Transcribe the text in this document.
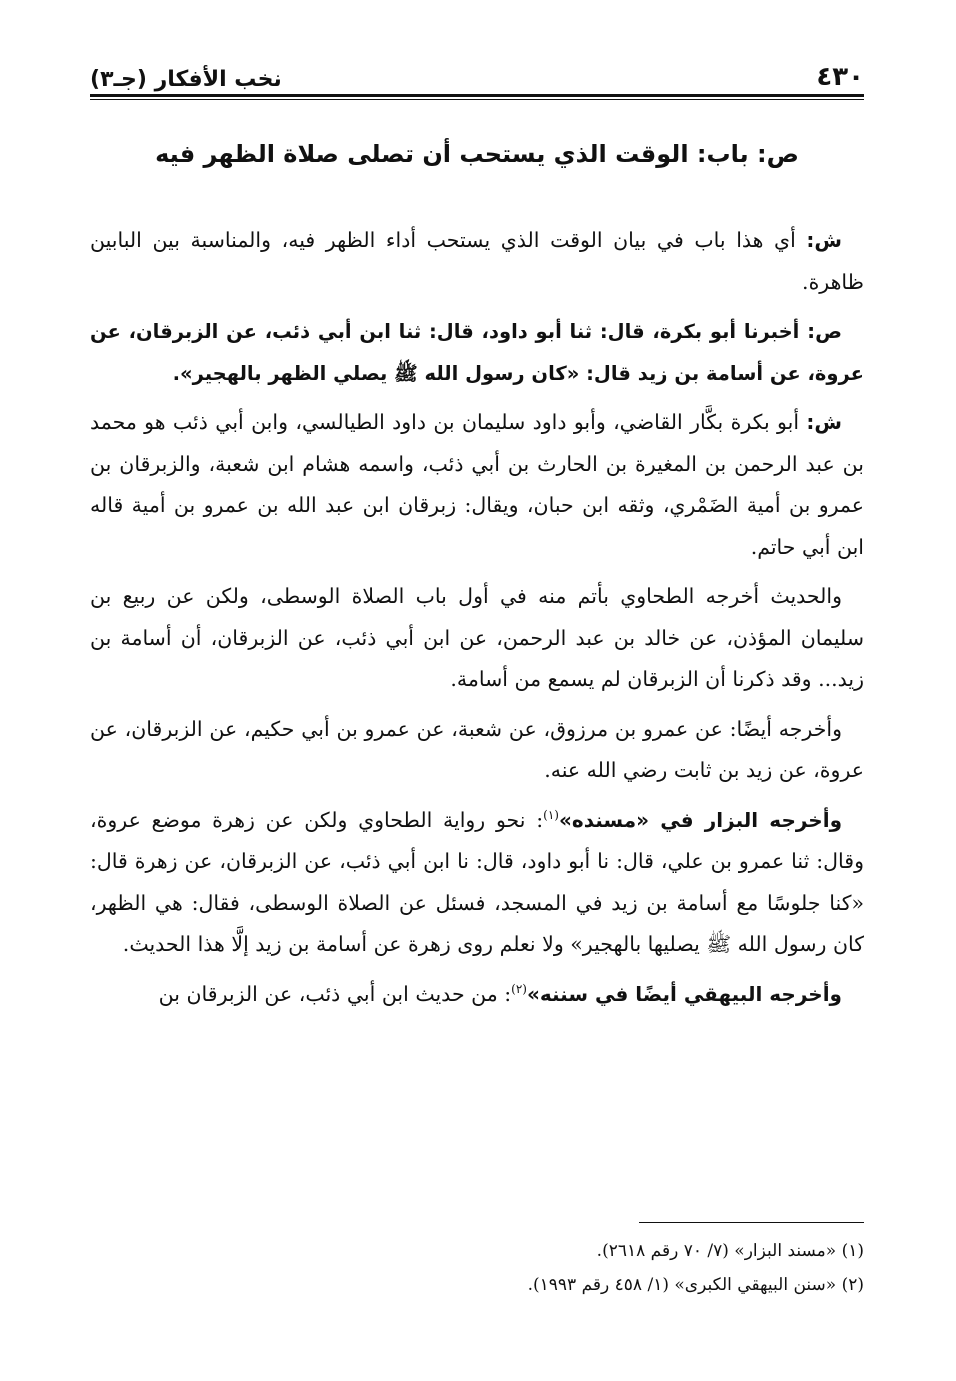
٤٣٠
نخب الأفكار (جـ٣)
ص: باب: الوقت الذي يستحب أن تصلى صلاة الظهر فيه

ش: أي هذا باب في بيان الوقت الذي يستحب أداء الظهر فيه، والمناسبة بين البابين ظاهرة.

ص: أخبرنا أبو بكرة، قال: ثنا أبو داود، قال: ثنا ابن أبي ذئب، عن الزبرقان، عن عروة، عن أسامة بن زيد قال: «كان رسول الله ﷺ يصلي الظهر بالهجير».

ش: أبو بكرة بكَّار القاضي، وأبو داود سليمان بن داود الطيالسي، وابن أبي ذئب هو محمد بن عبد الرحمن بن المغيرة بن الحارث بن أبي ذئب، واسمه هشام ابن شعبة، والزبرقان بن عمرو بن أمية الضَمْري، وثقه ابن حبان، ويقال: زبرقان ابن عبد الله بن عمرو بن أمية قاله ابن أبي حاتم.

والحديث أخرجه الطحاوي بأتم منه في أول باب الصلاة الوسطى، ولكن عن ربيع بن سليمان المؤذن، عن خالد بن عبد الرحمن، عن ابن أبي ذئب، عن الزبرقان، أن أسامة بن زيد... وقد ذكرنا أن الزبرقان لم يسمع من أسامة.

وأخرجه أيضًا: عن عمرو بن مرزوق، عن شعبة، عن عمرو بن أبي حكيم، عن الزبرقان، عن عروة، عن زيد بن ثابت رضي الله عنه.

وأخرجه البزار في «مسنده»$^{(١)}$: نحو رواية الطحاوي ولكن عن زهرة موضع عروة، وقال: ثنا عمرو بن علي، قال: نا أبو داود، قال: نا ابن أبي ذئب، عن الزبرقان، عن زهرة قال: «كنا جلوسًا مع أسامة بن زيد في المسجد، فسئل عن الصلاة الوسطى، فقال: هي الظهر، كان رسول الله ﷺ يصليها بالهجير» ولا نعلم روى زهرة عن أسامة بن زيد إلَّا هذا الحديث.

وأخرجه البيهقي أيضًا في سننه»$^{(٢)}$: من حديث ابن أبي ذئب، عن الزبرقان بن

(١) «مسند البزار» (٧/ ٧٠ رقم ٢٦١٨).

(٢) «سنن البيهقي الكبرى» (١/ ٤٥٨ رقم ١٩٩٣).
